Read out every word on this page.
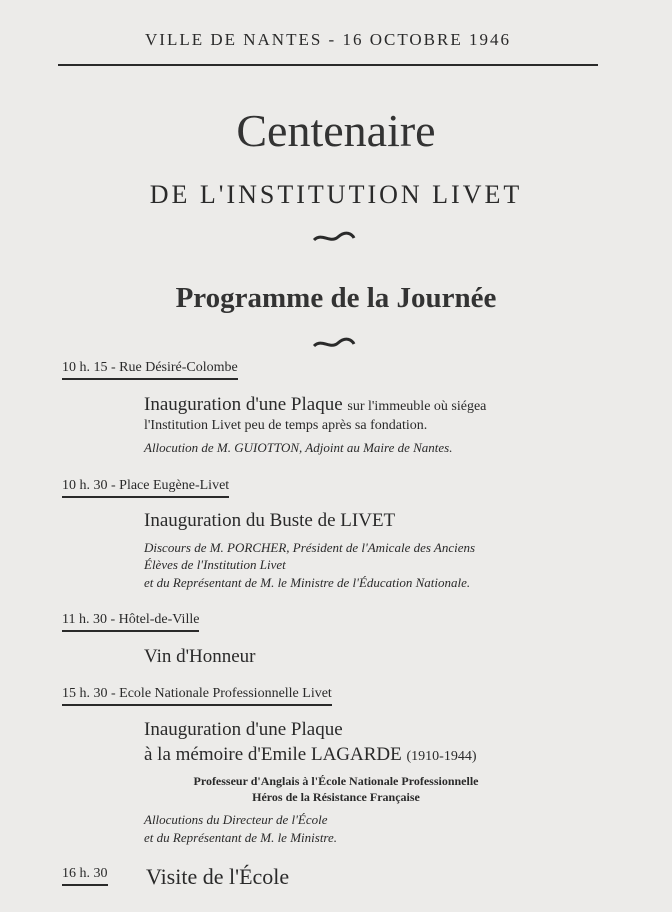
VILLE DE NANTES - 16 OCTOBRE 1946
Centenaire
DE L'INSTITUTION LIVET
Programme de la Journée
10 h. 15 - Rue Désiré-Colombe
Inauguration d'une Plaque sur l'immeuble où siégea
l'Institution Livet peu de temps après sa fondation.
Allocution de M. GUIOTTON, Adjoint au Maire de Nantes.
10 h. 30 - Place Eugène-Livet
Inauguration du Buste de LIVET
Discours de M. PORCHER, Président de l'Amicale des Anciens
Élèves de l'Institution Livet
et du Représentant de M. le Ministre de l'Éducation Nationale.
11 h. 30 - Hôtel-de-Ville
Vin d'Honneur
15 h. 30 - Ecole Nationale Professionnelle Livet
Inauguration d'une Plaque
à la mémoire d'Emile LAGARDE (1910-1944)
Professeur d'Anglais à l'École Nationale Professionnelle
Héros de la Résistance Française
Allocutions du Directeur de l'École
et du Représentant de M. le Ministre.
16 h. 30 Visite de l'École
